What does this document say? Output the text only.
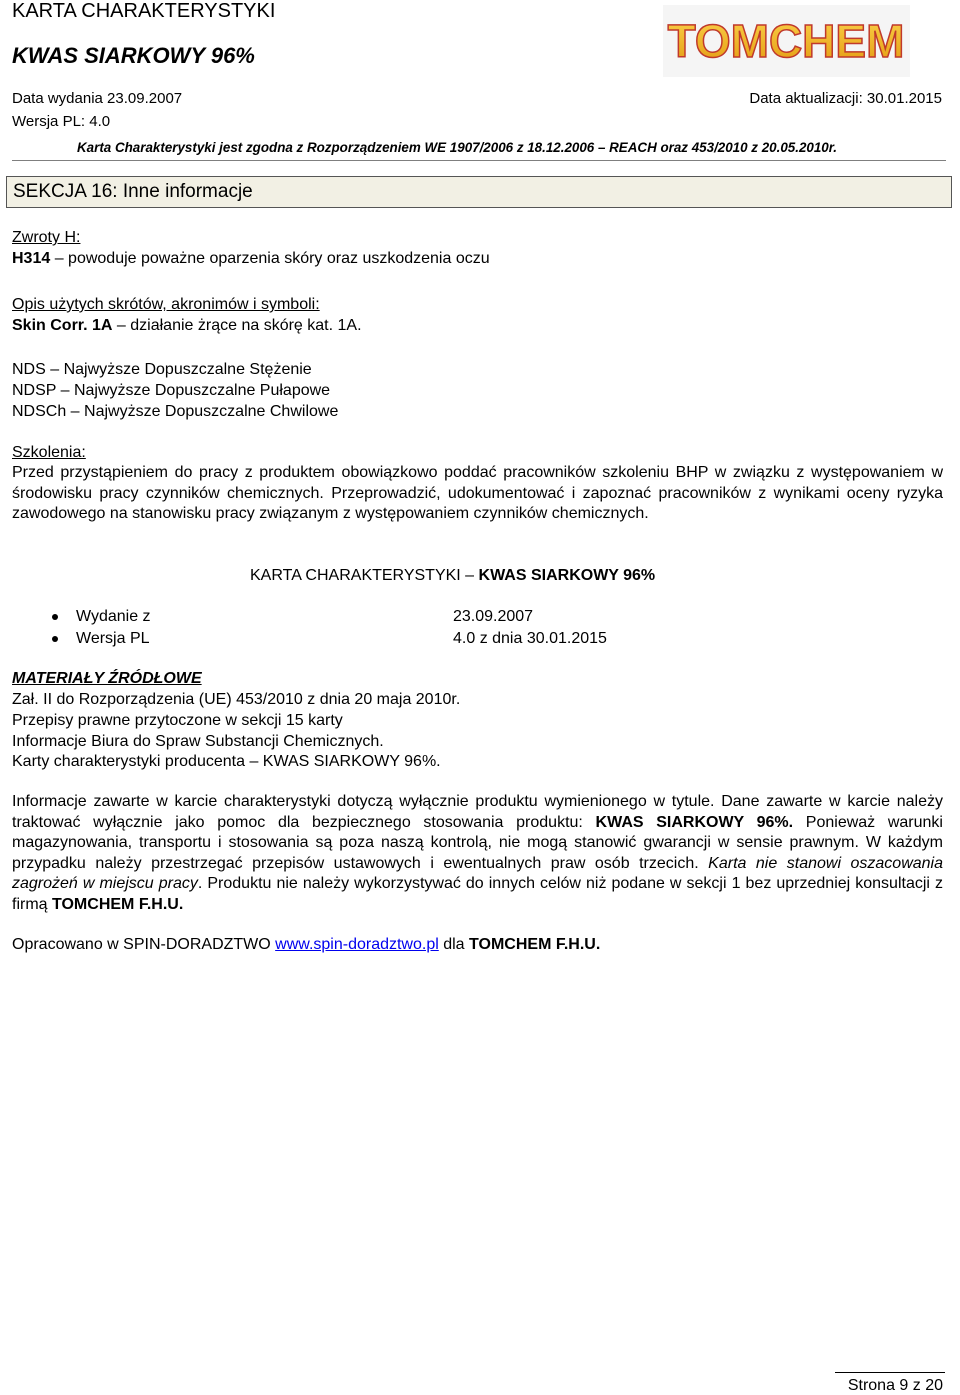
KARTA CHARAKTERYSTYKI
KWAS SIARKOWY 96%	TOMCHEM
Data wydania 23.09.2007	Data aktualizacji: 30.01.2015
Wersja PL: 4.0
Karta Charakterystyki jest zgodna z Rozporządzeniem WE 1907/2006 z 18.12.2006 – REACH oraz 453/2010 z 20.05.2010r.
SEKCJA 16: Inne informacje
Zwroty H:
H314 – powoduje poważne oparzenia skóry oraz uszkodzenia oczu
Opis użytych skrótów, akronimów i symboli:
Skin Corr. 1A – działanie żrące na skórę kat. 1A.
NDS – Najwyższe Dopuszczalne Stężenie
NDSP – Najwyższe Dopuszczalne Pułapowe
NDSCh – Najwyższe Dopuszczalne Chwilowe
Szkolenia:
Przed przystąpieniem do pracy z produktem obowiązkowo poddać pracowników szkoleniu BHP w związku z występowaniem w środowisku pracy czynników chemicznych. Przeprowadzić, udokumentować i zapoznać pracowników z wynikami oceny ryzyka zawodowego na stanowisku pracy związanym z występowaniem czynników chemicznych.
KARTA CHARAKTERYSTYKI – KWAS SIARKOWY 96%
Wydanie z	23.09.2007
Wersja PL	4.0 z dnia 30.01.2015
MATERIAŁY ŹRÓDŁOWE
Zał. II do Rozporządzenia (UE) 453/2010 z dnia 20 maja 2010r.
Przepisy prawne przytoczone w sekcji 15 karty
Informacje Biura do Spraw Substancji Chemicznych.
Karty charakterystyki producenta – KWAS SIARKOWY 96%.
Informacje zawarte w karcie charakterystyki dotyczą wyłącznie produktu wymienionego w tytule. Dane zawarte w karcie należy traktować wyłącznie jako pomoc dla bezpiecznego stosowania produktu: KWAS SIARKOWY 96%. Ponieważ warunki magazynowania, transportu i stosowania są poza naszą kontrolą, nie mogą stanowić gwarancji w sensie prawnym. W każdym przypadku należy przestrzegać przepisów ustawowych i ewentualnych praw osób trzecich. Karta nie stanowi oszacowania zagrożeń w miejscu pracy. Produktu nie należy wykorzystywać do innych celów niż podane w sekcji 1 bez uprzedniej konsultacji z firmą TOMCHEM F.H.U.
Opracowano w SPIN-DORADZTWO www.spin-doradztwo.pl dla TOMCHEM F.H.U.
Strona 9 z 20
